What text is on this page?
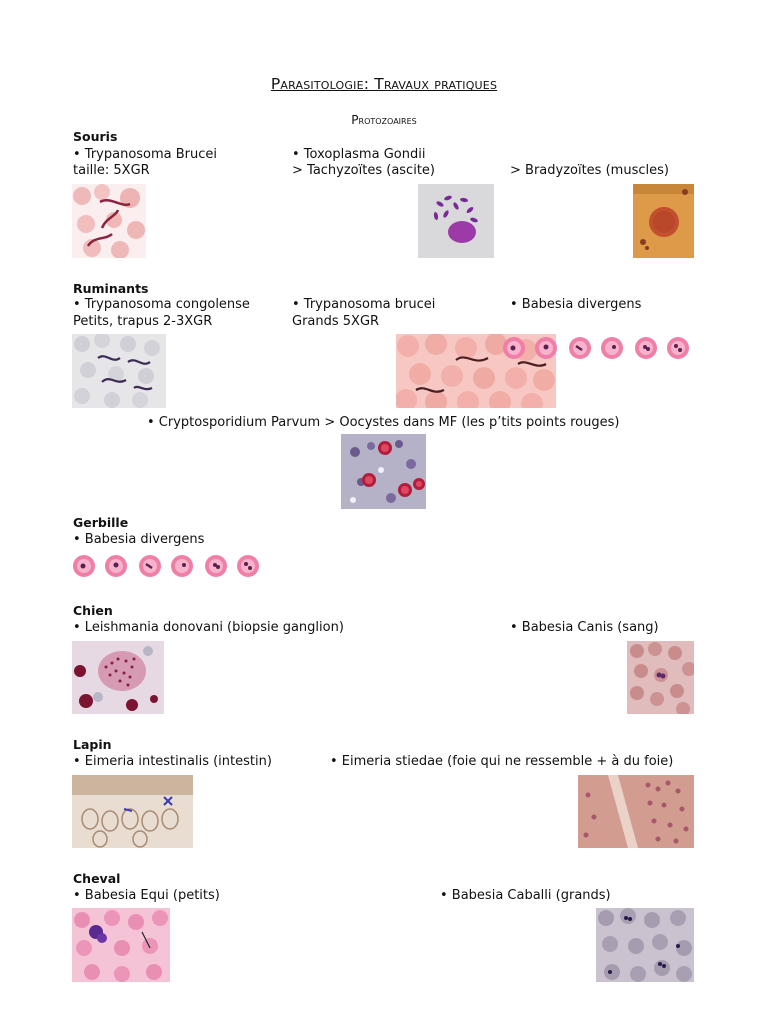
Parasitologie: Travaux pratiques
Protozoaires
Souris
• Trypanosoma Brucei
taille: 5XGR
• Toxoplasma Gondii
> Tachyzoïtes (ascite)	> Bradyzoïtes (muscles)
Ruminants
• Trypanosoma congolense
Petits, trapus 2-3XGR
• Trypanosoma brucei
Grands 5XGR
• Babesia divergens
• Cryptosporidium Parvum > Oocystes dans MF (les p’tits points rouges)
Gerbille
• Babesia divergens
Chien
• Leishmania donovani (biopsie ganglion)	• Babesia Canis (sang)
Lapin
• Eimeria intestinalis (intestin)	• Eimeria stiedae (foie qui ne ressemble + à du foie)
Cheval
• Babesia Equi (petits)	• Babesia Caballi (grands)
